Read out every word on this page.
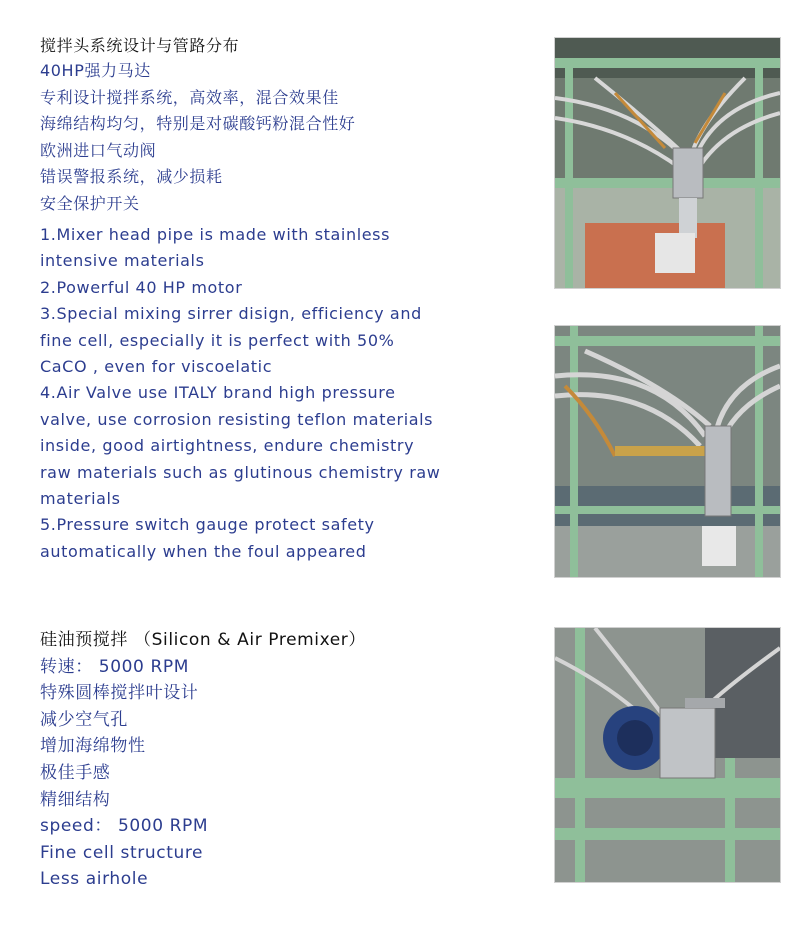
搅拌头系统设计与管路分布
40HP强力马达
专利设计搅拌系统，高效率，混合效果佳
海绵结构均匀，特别是对碳酸钙粉混合性好
欧洲进口气动阀
错误警报系统，减少损耗
安全保护开关
1.Mixer head pipe is made with stainless
intensive materials
2.Powerful 40 HP motor
3.Special mixing sirrer disign, efficiency and
fine cell, especially it is perfect with 50%
CaCO , even for viscoelatic
4.Air Valve use ITALY brand high pressure
valve, use corrosion resisting teflon materials
inside, good airtightness, endure chemistry
raw materials such as glutinous chemistry raw
materials
5.Pressure switch gauge protect safety
automatically when the foul appeared
硅油预搅拌 （Silicon & Air Premixer）
转速： 5000 RPM
特殊圆棒搅拌叶设计
减少空气孔
增加海绵物性
极佳手感
精细结构
speed： 5000 RPM
Fine cell structure
Less airhole
